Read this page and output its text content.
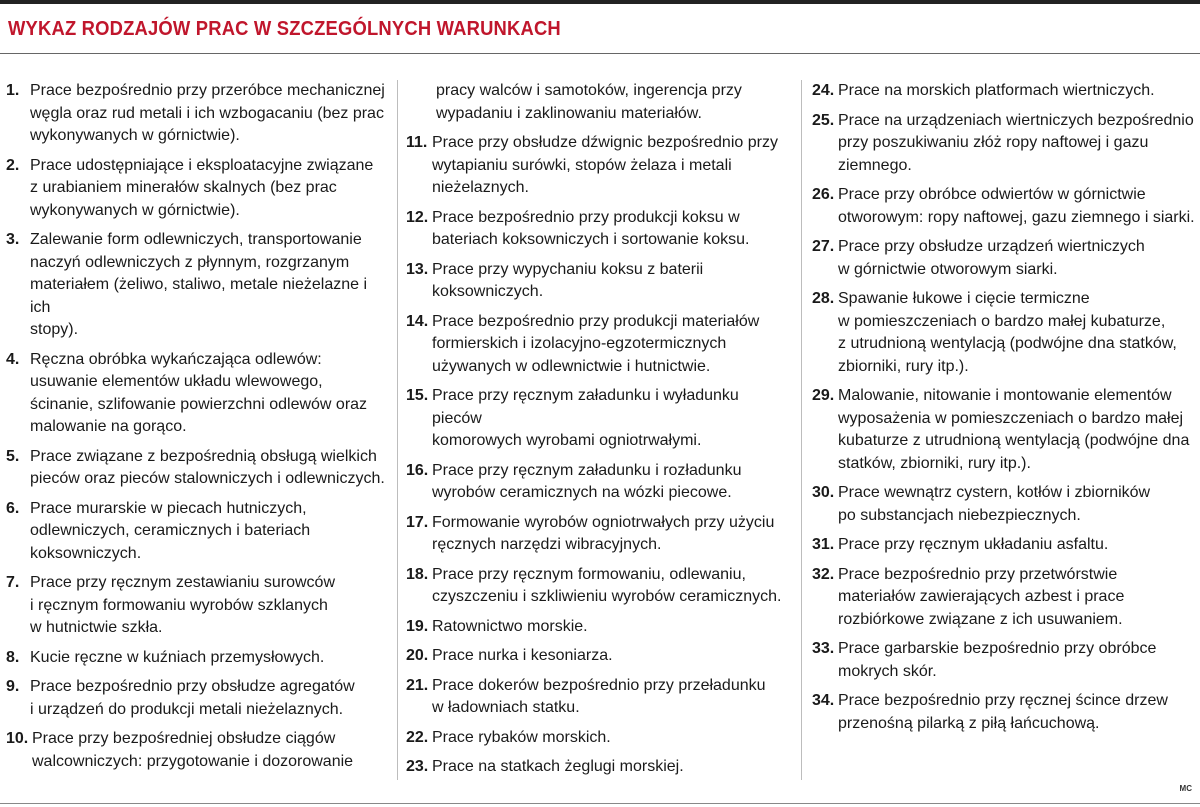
WYKAZ RODZAJÓW PRAC W SZCZEGÓLNYCH WARUNKACH
1. Prace bezpośrednio przy przeróbce mechanicznej
węgla oraz rud metali i ich wzbogacaniu (bez prac
wykonywanych w górnictwie).
2. Prace udostępniające i eksploatacyjne związane
z urabianiem minerałów skalnych (bez prac
wykonywanych w górnictwie).
3. Zalewanie form odlewniczych, transportowanie
naczyń odlewniczych z płynnym, rozgrzanym
materiałem (żeliwo, staliwo, metale nieżelazne i ich
stopy).
4. Ręczna obróbka wykańczająca odlewów:
usuwanie elementów układu wlewowego,
ścinanie, szlifowanie powierzchni odlewów oraz
malowanie na gorąco.
5. Prace związane z bezpośrednią obsługą wielkich
pieców oraz pieców stalowniczych i odlewniczych.
6. Prace murarskie w piecach hutniczych,
odlewniczych, ceramicznych i bateriach
koksowniczych.
7. Prace przy ręcznym zestawianiu surowców
i ręcznym formowaniu wyrobów szklanych
w hutnictwie szkła.
8. Kucie ręczne w kuźniach przemysłowych.
9. Prace bezpośrednio przy obsłudze agregatów
i urządzeń do produkcji metali nieżelaznych.
10. Prace przy bezpośredniej obsłudze ciągów
walcowniczych: przygotowanie i dozorowanie
pracy walców i samotoków, ingerencja przy
wypadaniu i zaklinowaniu materiałów.
11. Prace przy obsłudze dźwignic bezpośrednio przy
wytapianiu surówki, stopów żelaza i metali
nieżelaznych.
12. Prace bezpośrednio przy produkcji koksu w
bateriach koksowniczych i sortowanie koksu.
13. Prace przy wypychaniu koksu z baterii
koksowniczych.
14. Prace bezpośrednio przy produkcji materiałów
formierskich i izolacyjno-egzotermicznych
używanych w odlewnictwie i hutnictwie.
15. Prace przy ręcznym załadunku i wyładunku pieców
komorowych wyrobami ogniotrwałymi.
16. Prace przy ręcznym załadunku i rozładunku
wyrobów ceramicznych na wózki piecowe.
17. Formowanie wyrobów ogniotrwałych przy użyciu
ręcznych narzędzi wibracyjnych.
18. Prace przy ręcznym formowaniu, odlewaniu,
czyszczeniu i szkliwieniu wyrobów ceramicznych.
19. Ratownictwo morskie.
20. Prace nurka i kesoniarza.
21. Prace dokerów bezpośrednio przy przeładunku
w ładowniach statku.
22. Prace rybaków morskich.
23. Prace na statkach żeglugi morskiej.
24. Prace na morskich platformach wiertniczych.
25. Prace na urządzeniach wiertniczych bezpośrednio
przy poszukiwaniu złóż ropy naftowej i gazu
ziemnego.
26. Prace przy obróbce odwiertów w górnictwie
otworowym: ropy naftowej, gazu ziemnego i siarki.
27. Prace przy obsłudze urządzeń wiertniczych
w górnictwie otworowym siarki.
28. Spawanie łukowe i cięcie termiczne
w pomieszczeniach o bardzo małej kubaturze,
z utrudnioną wentylacją (podwójne dna statków,
zbiorniki, rury itp.).
29. Malowanie, nitowanie i montowanie elementów
wyposażenia w pomieszczeniach o bardzo małej
kubaturze z utrudnioną wentylacją (podwójne dna
statków, zbiorniki, rury itp.).
30. Prace wewnątrz cystern, kotłów i zbiorników
po substancjach niebezpiecznych.
31. Prace przy ręcznym układaniu asfaltu.
32. Prace bezpośrednio przy przetwórstwie
materiałów zawierających azbest i prace
rozbiórkowe związane z ich usuwaniem.
33. Prace garbarskie bezpośrednio przy obróbce
mokrych skór.
34. Prace bezpośrednio przy ręcznej ścince drzew
przenośną pilarką z piłą łańcuchową.
MC
